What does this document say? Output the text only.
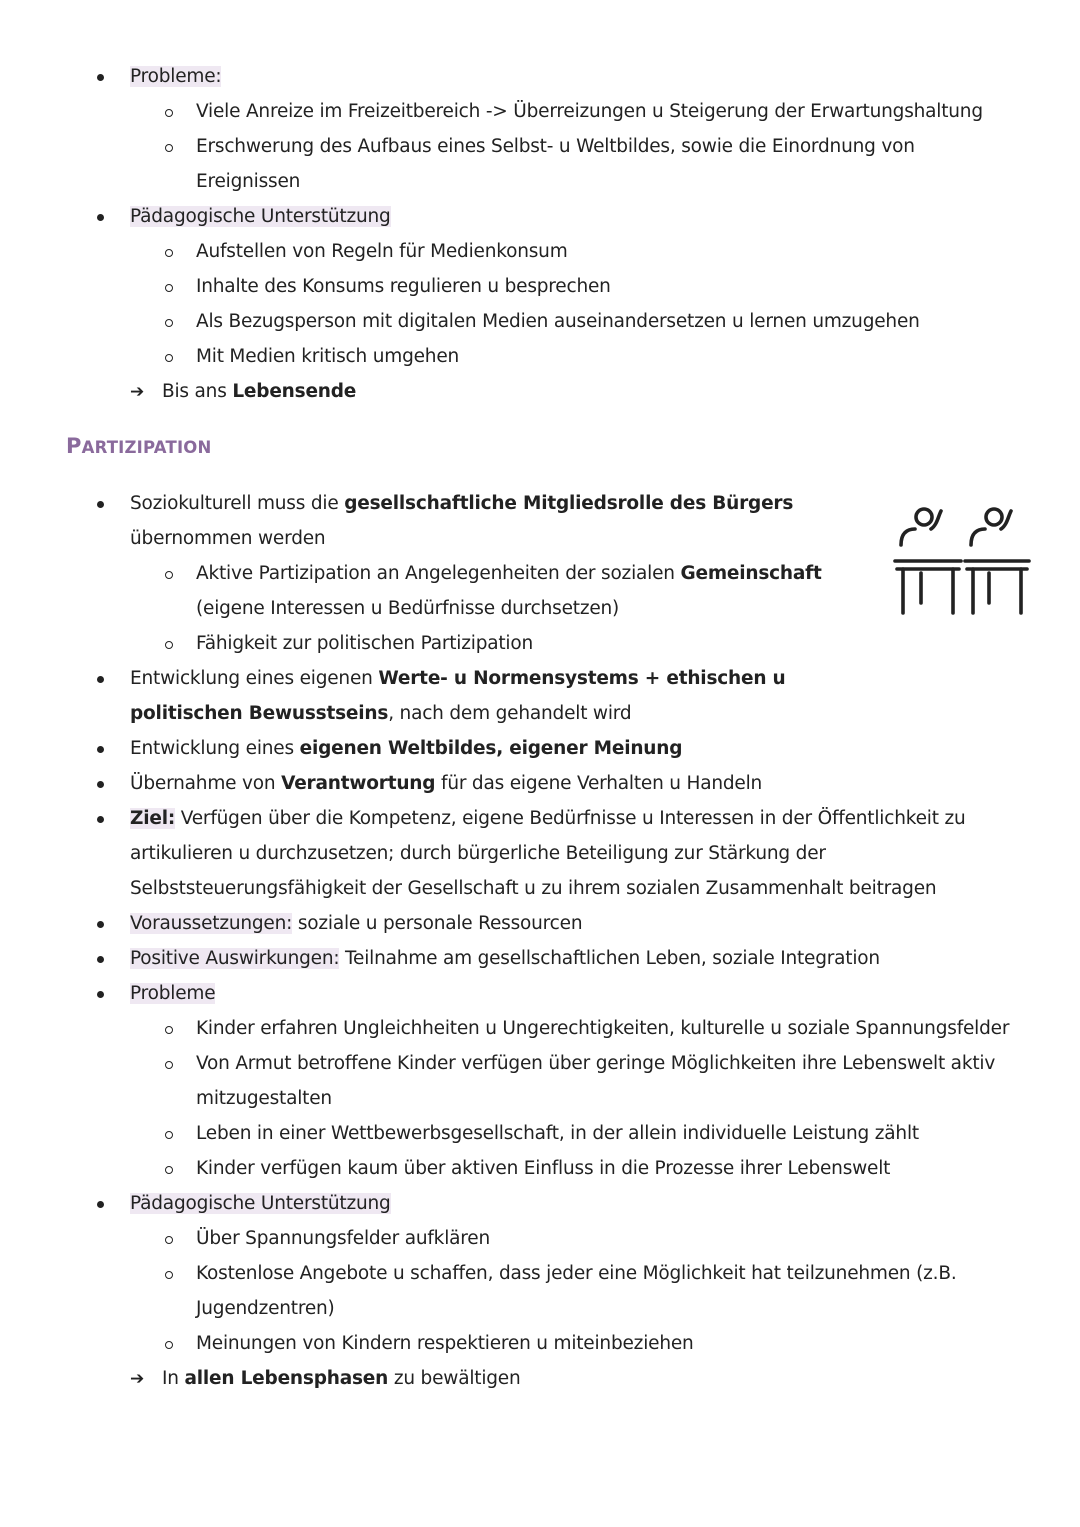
Probleme:
Viele Anreize im Freizeitbereich -> Überreizungen u Steigerung der Erwartungshaltung
Erschwerung des Aufbaus eines Selbst- u Weltbildes, sowie die Einordnung von
Ereignissen
Pädagogische Unterstützung
Aufstellen von Regeln für Medienkonsum
Inhalte des Konsums regulieren u besprechen
Als Bezugsperson mit digitalen Medien auseinandersetzen u lernen umzugehen
Mit Medien kritisch umgehen
➔ Bis ans Lebensende
PARTIZIPATION
Soziokulturell muss die gesellschaftliche Mitgliedsrolle des Bürgers
übernommen werden
Aktive Partizipation an Angelegenheiten der sozialen Gemeinschaft
(eigene Interessen u Bedürfnisse durchsetzen)
Fähigkeit zur politischen Partizipation
Entwicklung eines eigenen Werte- u Normensystems + ethischen u
politischen Bewusstseins, nach dem gehandelt wird
Entwicklung eines eigenen Weltbildes, eigener Meinung
Übernahme von Verantwortung für das eigene Verhalten u Handeln
Ziel: Verfügen über die Kompetenz, eigene Bedürfnisse u Interessen in der Öffentlichkeit zu
artikulieren u durchzusetzen; durch bürgerliche Beteiligung zur Stärkung der
Selbststeuerungsfähigkeit der Gesellschaft u zu ihrem sozialen Zusammenhalt beitragen
Voraussetzungen: soziale u personale Ressourcen
Positive Auswirkungen: Teilnahme am gesellschaftlichen Leben, soziale Integration
Probleme
Kinder erfahren Ungleichheiten u Ungerechtigkeiten, kulturelle u soziale Spannungsfelder
Von Armut betroffene Kinder verfügen über geringe Möglichkeiten ihre Lebenswelt aktiv
mitzugestalten
Leben in einer Wettbewerbsgesellschaft, in der allein individuelle Leistung zählt
Kinder verfügen kaum über aktiven Einfluss in die Prozesse ihrer Lebenswelt
Pädagogische Unterstützung
Über Spannungsfelder aufklären
Kostenlose Angebote u schaffen, dass jeder eine Möglichkeit hat teilzunehmen (z.B.
Jugendzentren)
Meinungen von Kindern respektieren u miteinbeziehen
➔ In allen Lebensphasen zu bewältigen
